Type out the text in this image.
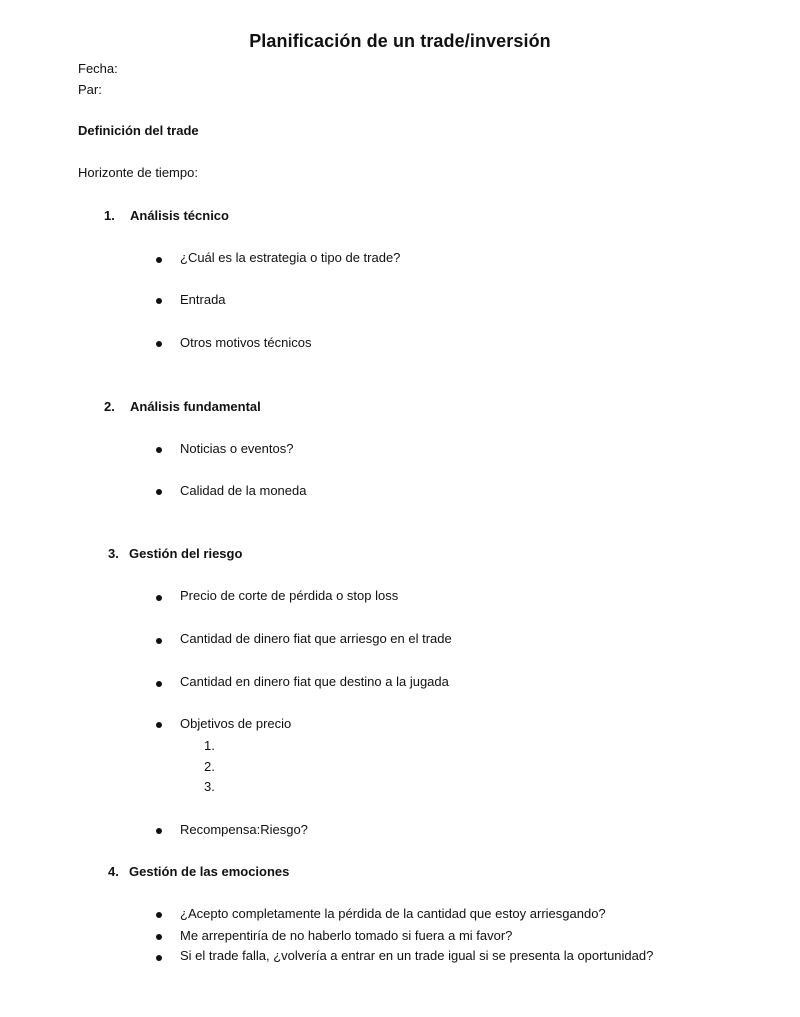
Planificación de un trade/inversión
Fecha:
Par:
Definición del trade
Horizonte de tiempo:
1. Análisis técnico
¿Cuál es la estrategia o tipo de trade?
Entrada
Otros motivos técnicos
2. Análisis fundamental
Noticias o eventos?
Calidad de la moneda
3. Gestión del riesgo
Precio de corte de pérdida o stop loss
Cantidad de dinero fiat que arriesgo en el trade
Cantidad en dinero fiat que destino a la jugada
Objetivos de precio
1.
2.
3.
Recompensa:Riesgo?
4. Gestión de las emociones
¿Acepto completamente la pérdida de la cantidad que estoy arriesgando?
Me arrepentiría de no haberlo tomado si fuera a mi favor?
Si el trade falla, ¿volvería a entrar en un trade igual si se presenta la oportunidad?
